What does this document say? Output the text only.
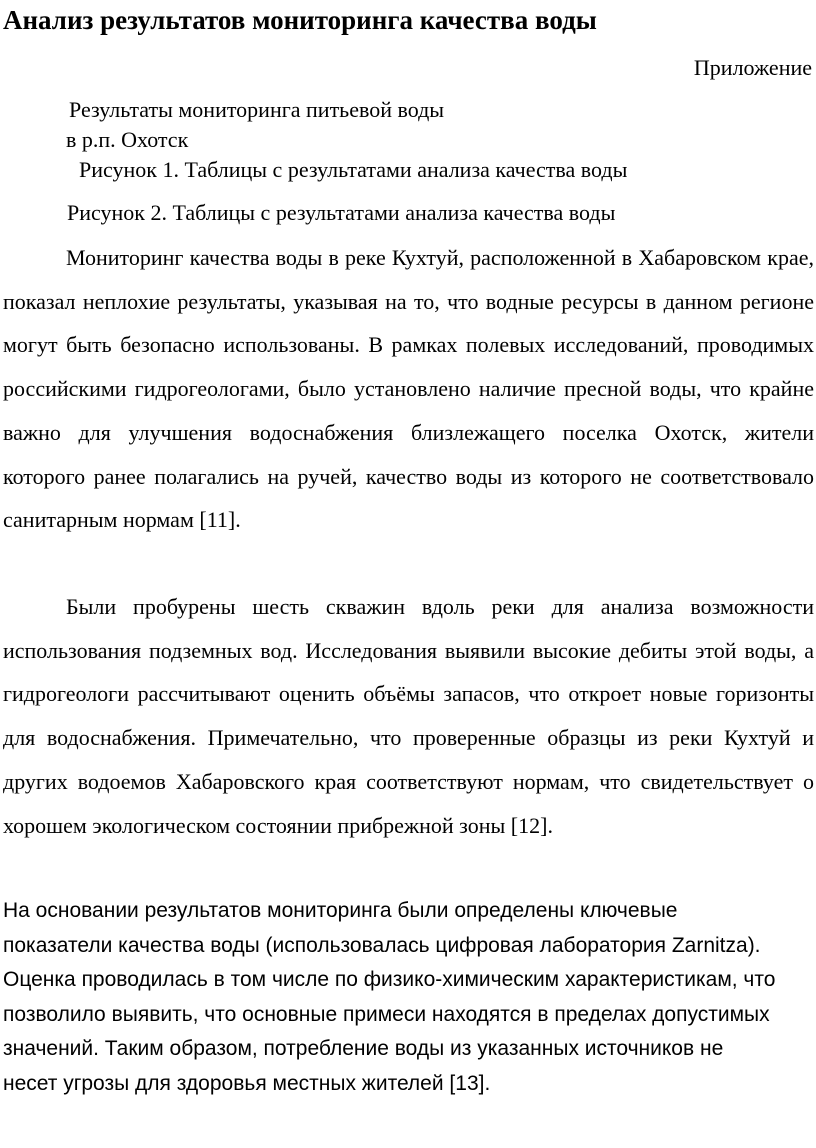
Анализ результатов мониторинга качества воды
Приложение
Результаты мониторинга питьевой воды
в р.п. Охотск
Рисунок 1. Таблицы с результатами анализа качества воды
Рисунок 2. Таблицы с результатами анализа качества воды

Мониторинг качества воды в реке Кухтуй, расположенной в Хабаровском крае, показал неплохие результаты, указывая на то, что водные ресурсы в данном регионе могут быть безопасно использованы. В рамках полевых исследований, проводимых российскими гидрогеологами, было установлено наличие пресной воды, что крайне важно для улучшения водоснабжения близлежащего поселка Охотск, жители которого ранее полагались на ручей, качество воды из которого не соответствовало санитарным нормам [11].

Были пробурены шесть скважин вдоль реки для анализа возможности использования подземных вод. Исследования выявили высокие дебиты этой воды, а гидрогеологи рассчитывают оценить объёмы запасов, что откроет новые горизонты для водоснабжения. Примечательно, что проверенные образцы из реки Кухтуй и других водоемов Хабаровского края соответствуют нормам, что свидетельствует о хорошем экологическом состоянии прибрежной зоны [12].

На основании результатов мониторинга были определены ключевые показатели качества воды (использовалась цифровая лаборатория Zarnitza). Оценка проводилась в том числе по физико-химическим характеристикам, что позволило выявить, что основные примеси находятся в пределах допустимых значений. Таким образом, потребление воды из указанных источников не несет угрозы для здоровья местных жителей [13].
